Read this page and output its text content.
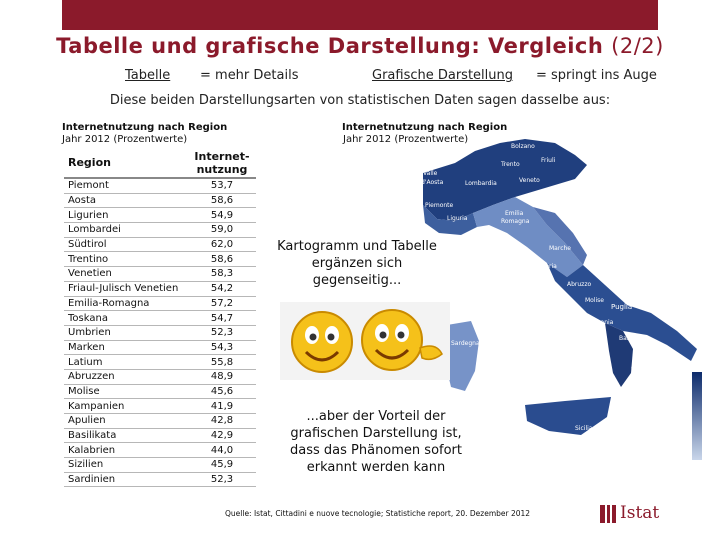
Tabelle und grafische Darstellung: Vergleich (2/2)
Tabelle = mehr Details	Grafische Darstellung = springt ins Auge
Diese beiden Darstellungsarten von statistischen Daten sagen dasselbe aus:
Internetnutzung nach Region
Jahr 2012 (Prozentwerte)
Region	Internet-
nutzung
Piemont	53,7
Aosta	58,6
Ligurien	54,9
Lombardei	59,0
Südtirol	62,0
Trentino	58,6
Venetien	58,3
Friaul-Julisch Venetien	54,2
Emilia-Romagna	57,2
Toskana	54,7
Umbrien	52,3
Marken	54,3
Latium	55,8
Abruzzen	48,9
Molise	45,6
Kampanien	41,9
Apulien	42,8
Basilikata	42,9
Kalabrien	44,0
Sizilien	45,9
Sardinien	52,3
Internetnutzung nach Region
Jahr 2012 (Prozentwerte)
Bolzano
Trento
Friuli
Valle
d'Aosta	Lombardia	Veneto
Piemonte
Liguria
Emilia
Romagna
Toscana	Marche
Umbria
Abruzzo
Lazio
Molise
Puglia
Campania
Sardegna
Basilicata
Calabria
Sicilia
Kartogramm und Tabelle
ergänzen sich
gegenseitig...
...aber der Vorteil der
grafischen Darstellung ist,
dass das Phänomen sofort
erkannt werden kann
Quelle: Istat, Cittadini e nuove tecnologie; Statistiche report, 20. Dezember 2012	Istat
